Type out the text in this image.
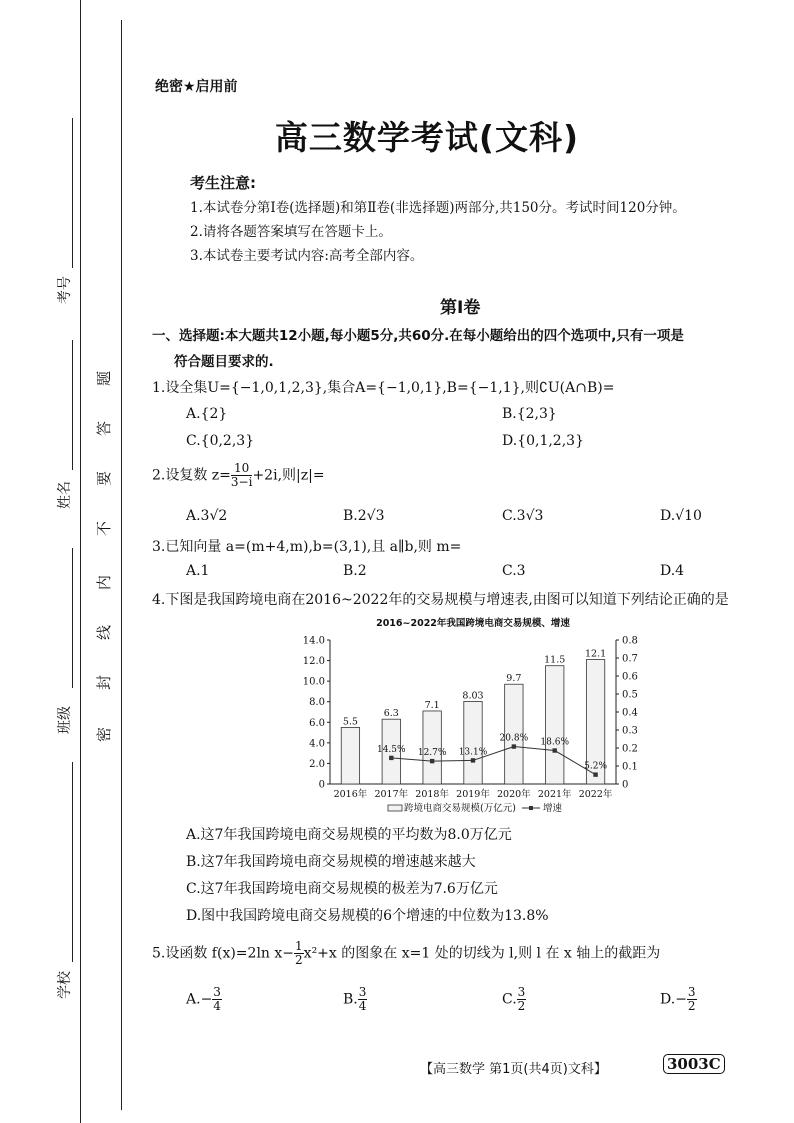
考号
姓名
班级
学校
题
答
要
不
内
线
封
密
绝密★启用前
高三数学考试(文科)
考生注意:
1.本试卷分第Ⅰ卷(选择题)和第Ⅱ卷(非选择题)两部分,共150分。考试时间120分钟。
2.请将各题答案填写在答题卡上。
3.本试卷主要考试内容:高考全部内容。
第Ⅰ卷
一、选择题:本大题共12小题,每小题5分,共60分.在每小题给出的四个选项中,只有一项是
符合题目要求的.
1.设全集U={−1,0,1,2,3},集合A={−1,0,1},B={−1,1},则∁U(A∩B)=
A.{2}	B.{2,3}
C.{0,2,3}	D.{0,1,2,3}
2.设复数 $z= \frac{10}{3-i} +2i$,则|z|=
A.3√2	B.2√3	C.3√3	D.√10
3.已知向量 a=(m+4,m),b=(3,1),且 a∥b,则 m=
A.1	B.2	C.3	D.4
4.下图是我国跨境电商在2016~2022年的交易规模与增速表,由图可以知道下列结论正确的是
2016~2022年我国跨境电商交易规模、增速
0
2.0
4.0
6.0
8.0
10.0
12.0
14.0
0
0.1
0.2
0.3
0.4
0.5
0.6
0.7
0.8
5.5
6.3
7.1
8.03
9.7
11.5
12.1
2016年 2017年 2018年 2019年 2020年 2021年 2022年
14.5% 12.7% 13.1%
20.8% 18.6%
5.2%
跨境电商交易规模(万亿元)	增速
A.这7年我国跨境电商交易规模的平均数为8.0万亿元
B.这7年我国跨境电商交易规模的增速越来越大
C.这7年我国跨境电商交易规模的极差为7.6万亿元
D.图中我国跨境电商交易规模的6个增速的中位数为13.8%
5.设函数 f(x)=2ln $x- \frac{1}{2} x^2+x$ 的图象在 x=1 处的切线为 l,则 l 在 x 轴上的截距为
$A.- \frac{3}{4}$	B. $\frac{3}{4}$	C. $\frac{3}{2}$	$D.- \frac{3}{2}$
【高三数学 第1页(共4页)文科】	3003C
